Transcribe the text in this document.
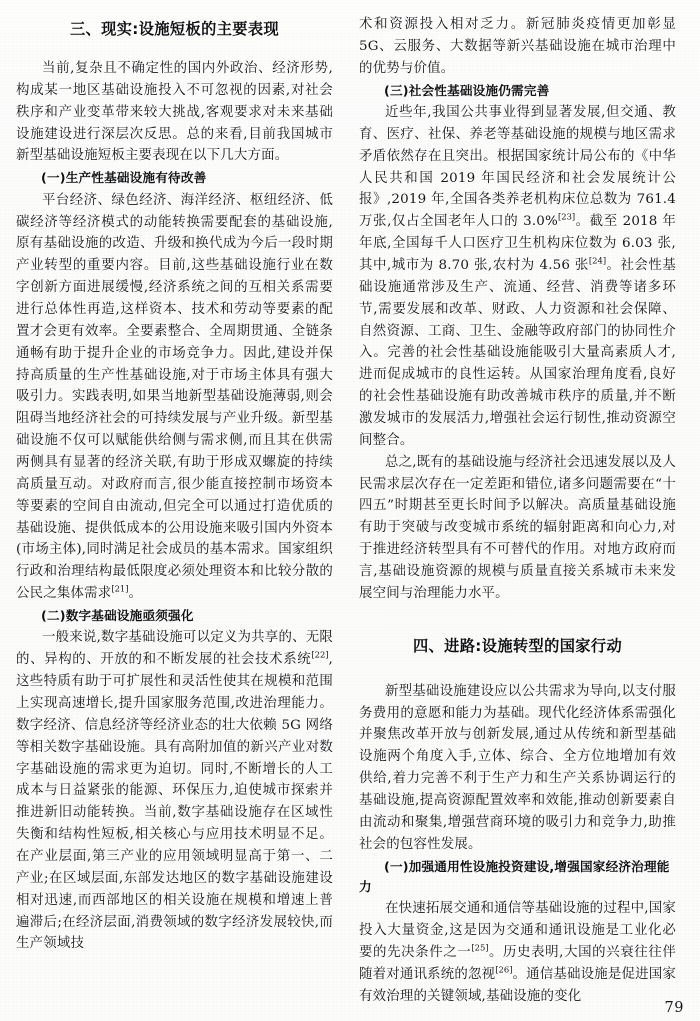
三、现实:设施短板的主要表现

当前,复杂且不确定性的国内外政治、经济形势,构成某一地区基础设施投入不可忽视的因素,对社会秩序和产业变革带来较大挑战,客观要求对未来基础设施建设进行深层次反思。总的来看,目前我国城市新型基础设施短板主要表现在以下几大方面。

(一)生产性基础设施有待改善

平台经济、绿色经济、海洋经济、枢纽经济、低碳经济等经济模式的动能转换需要配套的基础设施,原有基础设施的改造、升级和换代成为今后一段时期产业转型的重要内容。目前,这些基础设施行业在数字创新方面进展缓慢,经济系统之间的互相关系需要进行总体性再造,这样资本、技术和劳动等要素的配置才会更有效率。全要素整合、全周期贯通、全链条通畅有助于提升企业的市场竞争力。因此,建设并保持高质量的生产性基础设施,对于市场主体具有强大吸引力。实践表明,如果当地新型基础设施薄弱,则会阻碍当地经济社会的可持续发展与产业升级。新型基础设施不仅可以赋能供给侧与需求侧,而且其在供需两侧具有显著的经济关联,有助于形成双螺旋的持续高质量互动。对政府而言,很少能直接控制市场资本等要素的空间自由流动,但完全可以通过打造优质的基础设施、提供低成本的公用设施来吸引国内外资本(市场主体),同时满足社会成员的基本需求。国家组织行政和治理结构最低限度必须处理资本和比较分散的公民之集体需求[21]。

(二)数字基础设施亟须强化

一般来说,数字基础设施可以定义为共享的、无限的、异构的、开放的和不断发展的社会技术系统[22],这些特质有助于可扩展性和灵活性使其在规模和范围上实现高速增长,提升国家服务范围,改进治理能力。数字经济、信息经济等经济业态的壮大依赖 5G 网络等相关数字基础设施。具有高附加值的新兴产业对数字基础设施的需求更为迫切。同时,不断增长的人工成本与日益紧张的能源、环保压力,迫使城市探索并推进新旧动能转换。当前,数字基础设施存在区域性失衡和结构性短板,相关核心与应用技术明显不足。在产业层面,第三产业的应用领域明显高于第一、二产业;在区域层面,东部发达地区的数字基础设施建设相对迅速,而西部地区的相关设施在规模和增速上普遍滞后;在经济层面,消费领域的数字经济发展较快,而生产领域技

术和资源投入相对乏力。新冠肺炎疫情更加彰显 5G、云服务、大数据等新兴基础设施在城市治理中的优势与价值。

(三)社会性基础设施仍需完善

近些年,我国公共事业得到显著发展,但交通、教育、医疗、社保、养老等基础设施的规模与地区需求矛盾依然存在且突出。根据国家统计局公布的《中华人民共和国 2019 年国民经济和社会发展统计公报》,2019 年,全国各类养老机构床位总数为 761.4 万张,仅占全国老年人口的 3.0%[23]。截至 2018 年年底,全国每千人口医疗卫生机构床位数为 6.03 张,其中,城市为 8.70 张,农村为 4.56 张[24]。社会性基础设施通常涉及生产、流通、经营、消费等诸多环节,需要发展和改革、财政、人力资源和社会保障、自然资源、工商、卫生、金融等政府部门的协同性介入。完善的社会性基础设施能吸引大量高素质人才,进而促成城市的良性运转。从国家治理角度看,良好的社会性基础设施有助改善城市秩序的质量,并不断激发城市的发展活力,增强社会运行韧性,推动资源空间整合。

总之,既有的基础设施与经济社会迅速发展以及人民需求层次存在一定差距和错位,诸多问题需要在“十四五”时期甚至更长时间予以解决。高质量基础设施有助于突破与改变城市系统的辐射距离和向心力,对于推进经济转型具有不可替代的作用。对地方政府而言,基础设施资源的规模与质量直接关系城市未来发展空间与治理能力水平。

四、进路:设施转型的国家行动

新型基础设施建设应以公共需求为导向,以支付服务费用的意愿和能力为基础。现代化经济体系需强化并聚焦改革开放与创新发展,通过从传统和新型基础设施两个角度入手,立体、综合、全方位地增加有效供给,着力完善不利于生产力和生产关系协调运行的基础设施,提高资源配置效率和效能,推动创新要素自由流动和聚集,增强营商环境的吸引力和竞争力,助推社会的包容性发展。

(一)加强通用性设施投资建设,增强国家经济治理能力

在快速拓展交通和通信等基础设施的过程中,国家投入大量资金,这是因为交通和通讯设施是工业化必要的先决条件之一[25]。历史表明,大国的兴衰往往伴随着对通讯系统的忽视[26]。通信基础设施是促进国家有效治理的关键领域,基础设施的变化

79
